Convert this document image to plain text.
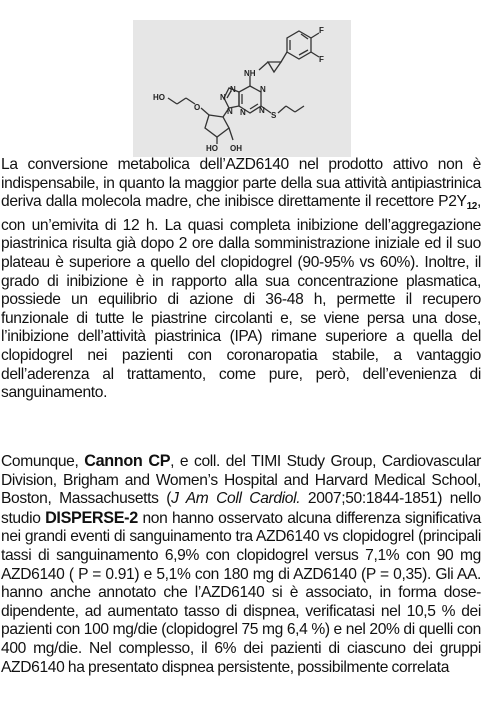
F
F
NH
N	N
N
N N N
S
HO
O
HO OH
La conversione metabolica dell’AZD6140 nel prodotto attivo non è indispensabile, in quanto la maggior parte della sua attività antipiastrinica deriva dalla molecola madre, che inibisce direttamente il recettore $P2Y_{12}$, con un’emivita di 12 h. La quasi completa inibizione dell’aggregazione piastrinica risulta già dopo 2 ore dalla somministrazione iniziale ed il suo plateau è superiore a quello del clopidogrel (90-95% vs 60%). Inoltre, il grado di inibizione è in rapporto alla sua concentrazione plasmatica, possiede un equilibrio di azione di 36-48 h, permette il recupero funzionale di tutte le piastrine circolanti e, se viene persa una dose, l’inibizione dell’attività piastrinica (IPA) rimane superiore a quella del clopidogrel nei pazienti con coronaropatia stabile, a vantaggio dell’aderenza al trattamento, come pure, però, dell’evenienza di sanguinamento.
Comunque, Cannon CP, e coll. del TIMI Study Group, Cardiovascular Division, Brigham and Women’s Hospital and Harvard Medical School, Boston, Massachusetts (J Am Coll Cardiol. 2007;50:1844-1851) nello studio DISPERSE-2 non hanno osservato alcuna differenza significativa nei grandi eventi di sanguinamento tra AZD6140 vs clopidogrel (principali tassi di sanguinamento 6,9% con clopidogrel versus 7,1% con 90 mg AZD6140 ( P = 0.91) e 5,1% con 180 mg di AZD6140 (P = 0,35). Gli AA. hanno anche annotato che l’AZD6140 si è associato, in forma dose-dipendente, ad aumentato tasso di dispnea, verificatasi nel 10,5 % dei pazienti con 100 mg/die (clopidogrel 75 mg 6,4 %) e nel 20% di quelli con 400 mg/die. Nel complesso, il 6% dei pazienti di ciascuno dei gruppi AZD6140 ha presentato dispnea persistente, possibilmente correlata
